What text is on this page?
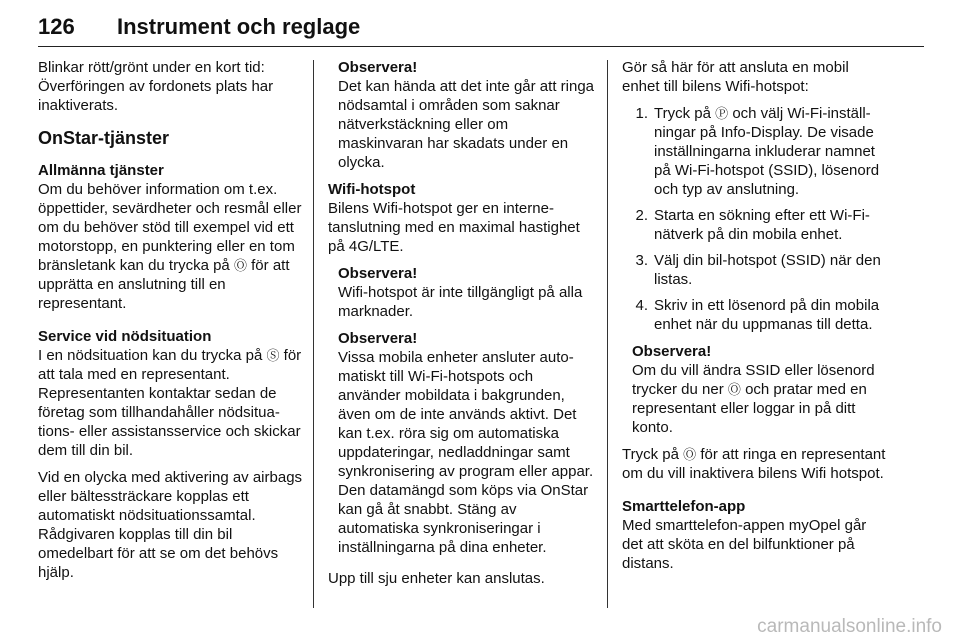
126	Instrument och reglage

Blinkar rött/grönt under en kort tid: Överföringen av fordonets plats har inaktiverats.

OnStar-tjänster
Allmänna tjänster

Om du behöver information om t.ex. öppettider, sevärdheter och resmål eller om du behöver stöd till exempel vid ett motorstopp, en punktering eller en tom bränsletank kan du trycka på Ⓞ för att upprätta en anslutning till en representant.

Service vid nödsituation

I en nödsituation kan du trycka på Ⓢ för att tala med en representant. Representanten kontaktar sedan de företag som tillhandahåller nödsituations- eller assistansservice och skickar dem till din bil.

Vid en olycka med aktivering av airbags eller bältessträckare kopplas ett automatiskt nödsituationssamtal. Rådgivaren kopplas till din bil omedelbart för att se om det behövs hjälp.

Observera!
Det kan hända att det inte går att ringa nödsamtal i områden som saknar nätverkstäckning eller om maskinvaran har skadats under en olycka.
Wifi-hotspot

Bilens Wifi-hotspot ger en internetanslutning med en maximal hastighet på 4G/LTE.

Observera!
Wifi-hotspot är inte tillgängligt på alla marknader.
Observera!
Vissa mobila enheter ansluter automatiskt till Wi-Fi-hotspots och använder mobildata i bakgrunden, även om de inte används aktivt. Det kan t.ex. röra sig om automatiska uppdateringar, nedladdningar samt synkronisering av program eller appar. Den datamängd som köps via OnStar kan gå åt snabbt. Stäng av automatiska synkroniseringar i inställningarna på dina enheter.

Upp till sju enheter kan anslutas.

Gör så här för att ansluta en mobil enhet till bilens Wifi-hotspot:

1. Tryck på Ⓟ och välj Wi-Fi-inställningar på Info-Display. De visade inställningarna inkluderar namnet på Wi-Fi-hotspot (SSID), lösenord och typ av anslutning.
2. Starta en sökning efter ett Wi-Fi-nätverk på din mobila enhet.
3. Välj din bil-hotspot (SSID) när den listas.
4. Skriv in ett lösenord på din mobila enhet när du uppmanas till detta.
Observera!
Om du vill ändra SSID eller lösenord trycker du ner Ⓞ och pratar med en representant eller loggar in på ditt konto.

Tryck på Ⓞ för att ringa en representant om du vill inaktivera bilens Wifi hotspot.

Smarttelefon-app

Med smarttelefon-appen myOpel går det att sköta en del bilfunktioner på distans.

carmanualsonline.info
